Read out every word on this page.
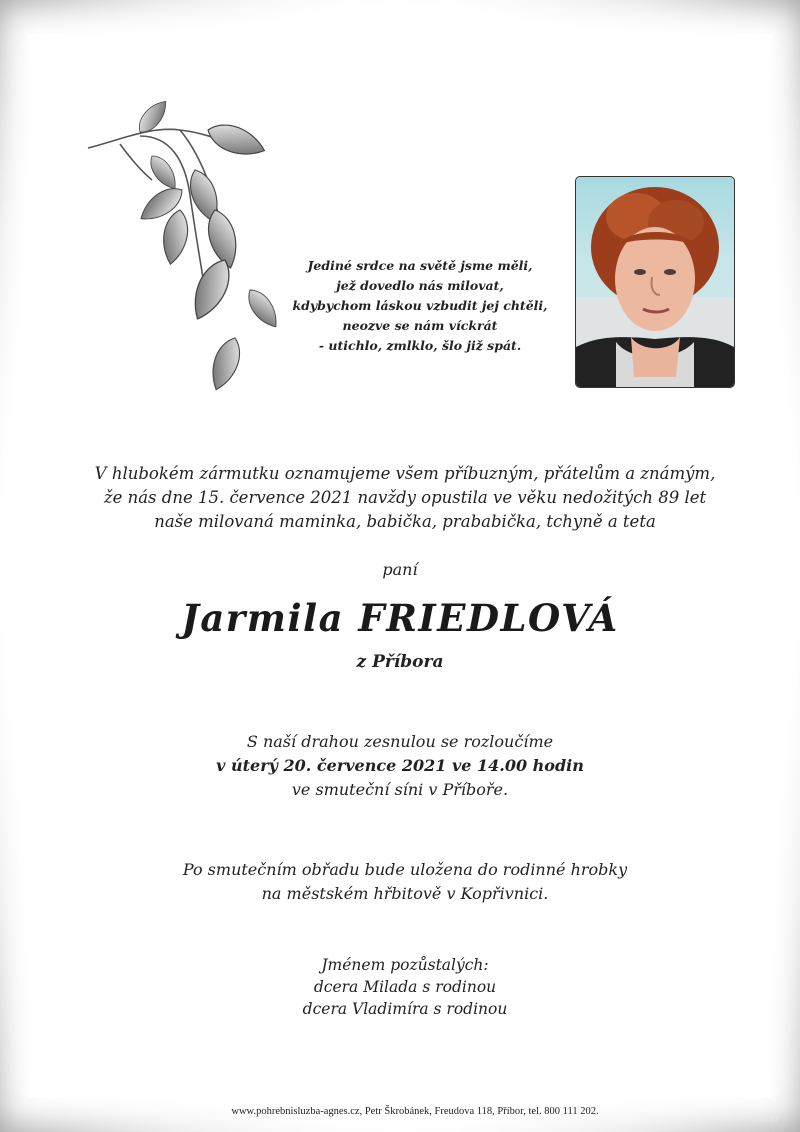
Jediné srdce na světě jsme měli,
jež dovedlo nás milovat,
kdybychom láskou vzbudit jej chtěli,
neozve se nám víckrát
- utichlo, zmlklo, šlo již spát.
V hlubokém zármutku oznamujeme všem příbuzným, přátelům a známým,
že nás dne 15. července 2021 navždy opustila ve věku nedožitých 89 let
naše milovaná maminka, babička, prababička, tchyně a teta
paní
Jarmila FRIEDLOVÁ
z Příbora
S naší drahou zesnulou se rozloučíme
v úterý 20. července 2021 ve 14.00 hodin
ve smuteční síni v Příboře.
Po smutečním obřadu bude uložena do rodinné hrobky
na městském hřbitově v Kopřivnici.
Jménem pozůstalých:
dcera Milada s rodinou
dcera Vladimíra s rodinou
www.pohrebnisluzba-agnes.cz, Petr Škrobánek, Freudova 118, Příbor, tel. 800 111 202.
© MCBT
